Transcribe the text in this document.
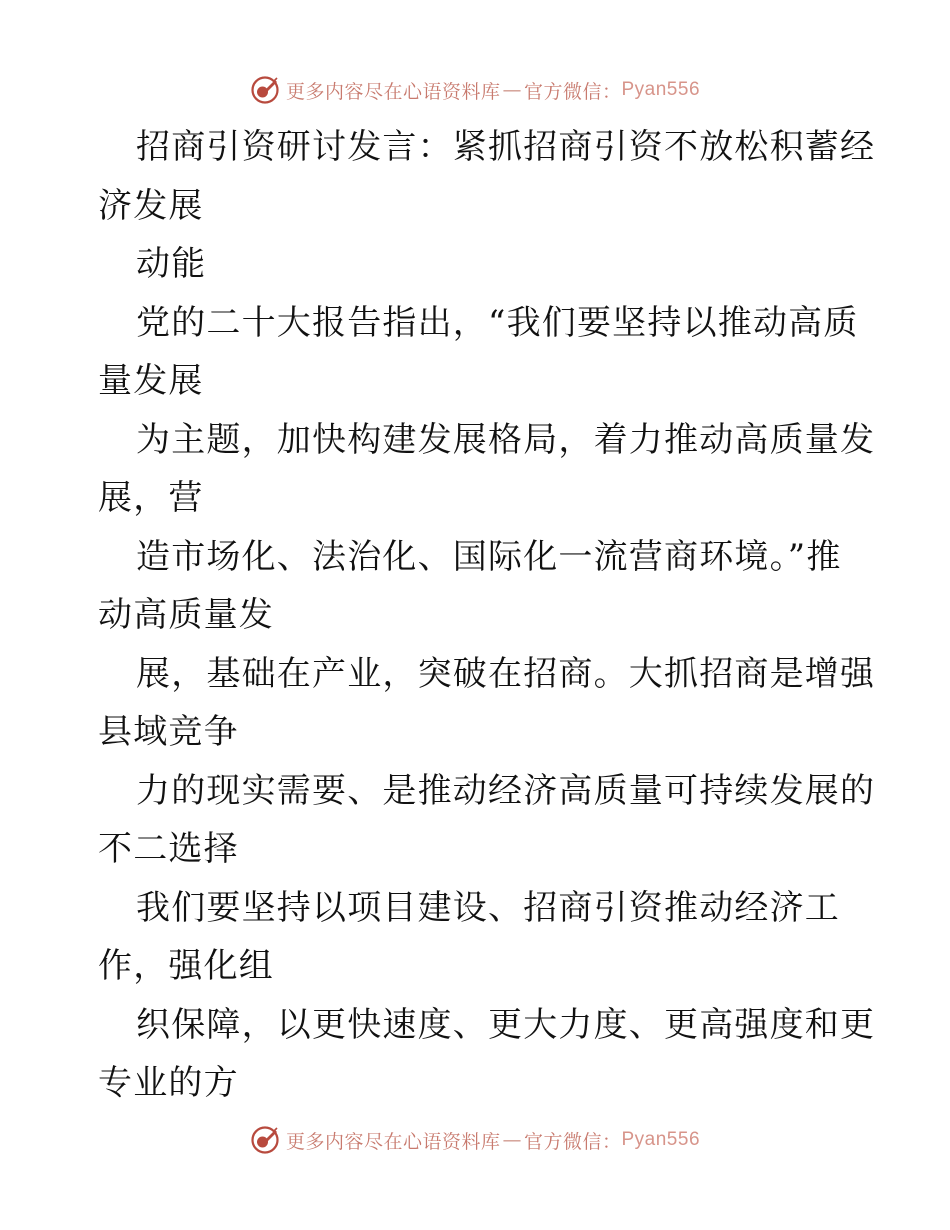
更多内容尽在心语资料库 — 官方微信： Pyan556
招商引资研讨发言：紧抓招商引资不放松积蓄经
济发展
动能
党的二十大报告指出，“我们要坚持以推动高质
量发展
为主题，加快构建发展格局，着力推动高质量发
展，营
造市场化、法治化、国际化一流营商环境。”推
动高质量发
展，基础在产业，突破在招商。大抓招商是增强
县域竞争
力的现实需要、是推动经济高质量可持续发展的
不二选择
我们要坚持以项目建设、招商引资推动经济工
作，强化组
织保障，以更快速度、更大力度、更高强度和更
专业的方
更多内容尽在心语资料库 — 官方微信： Pyan556
